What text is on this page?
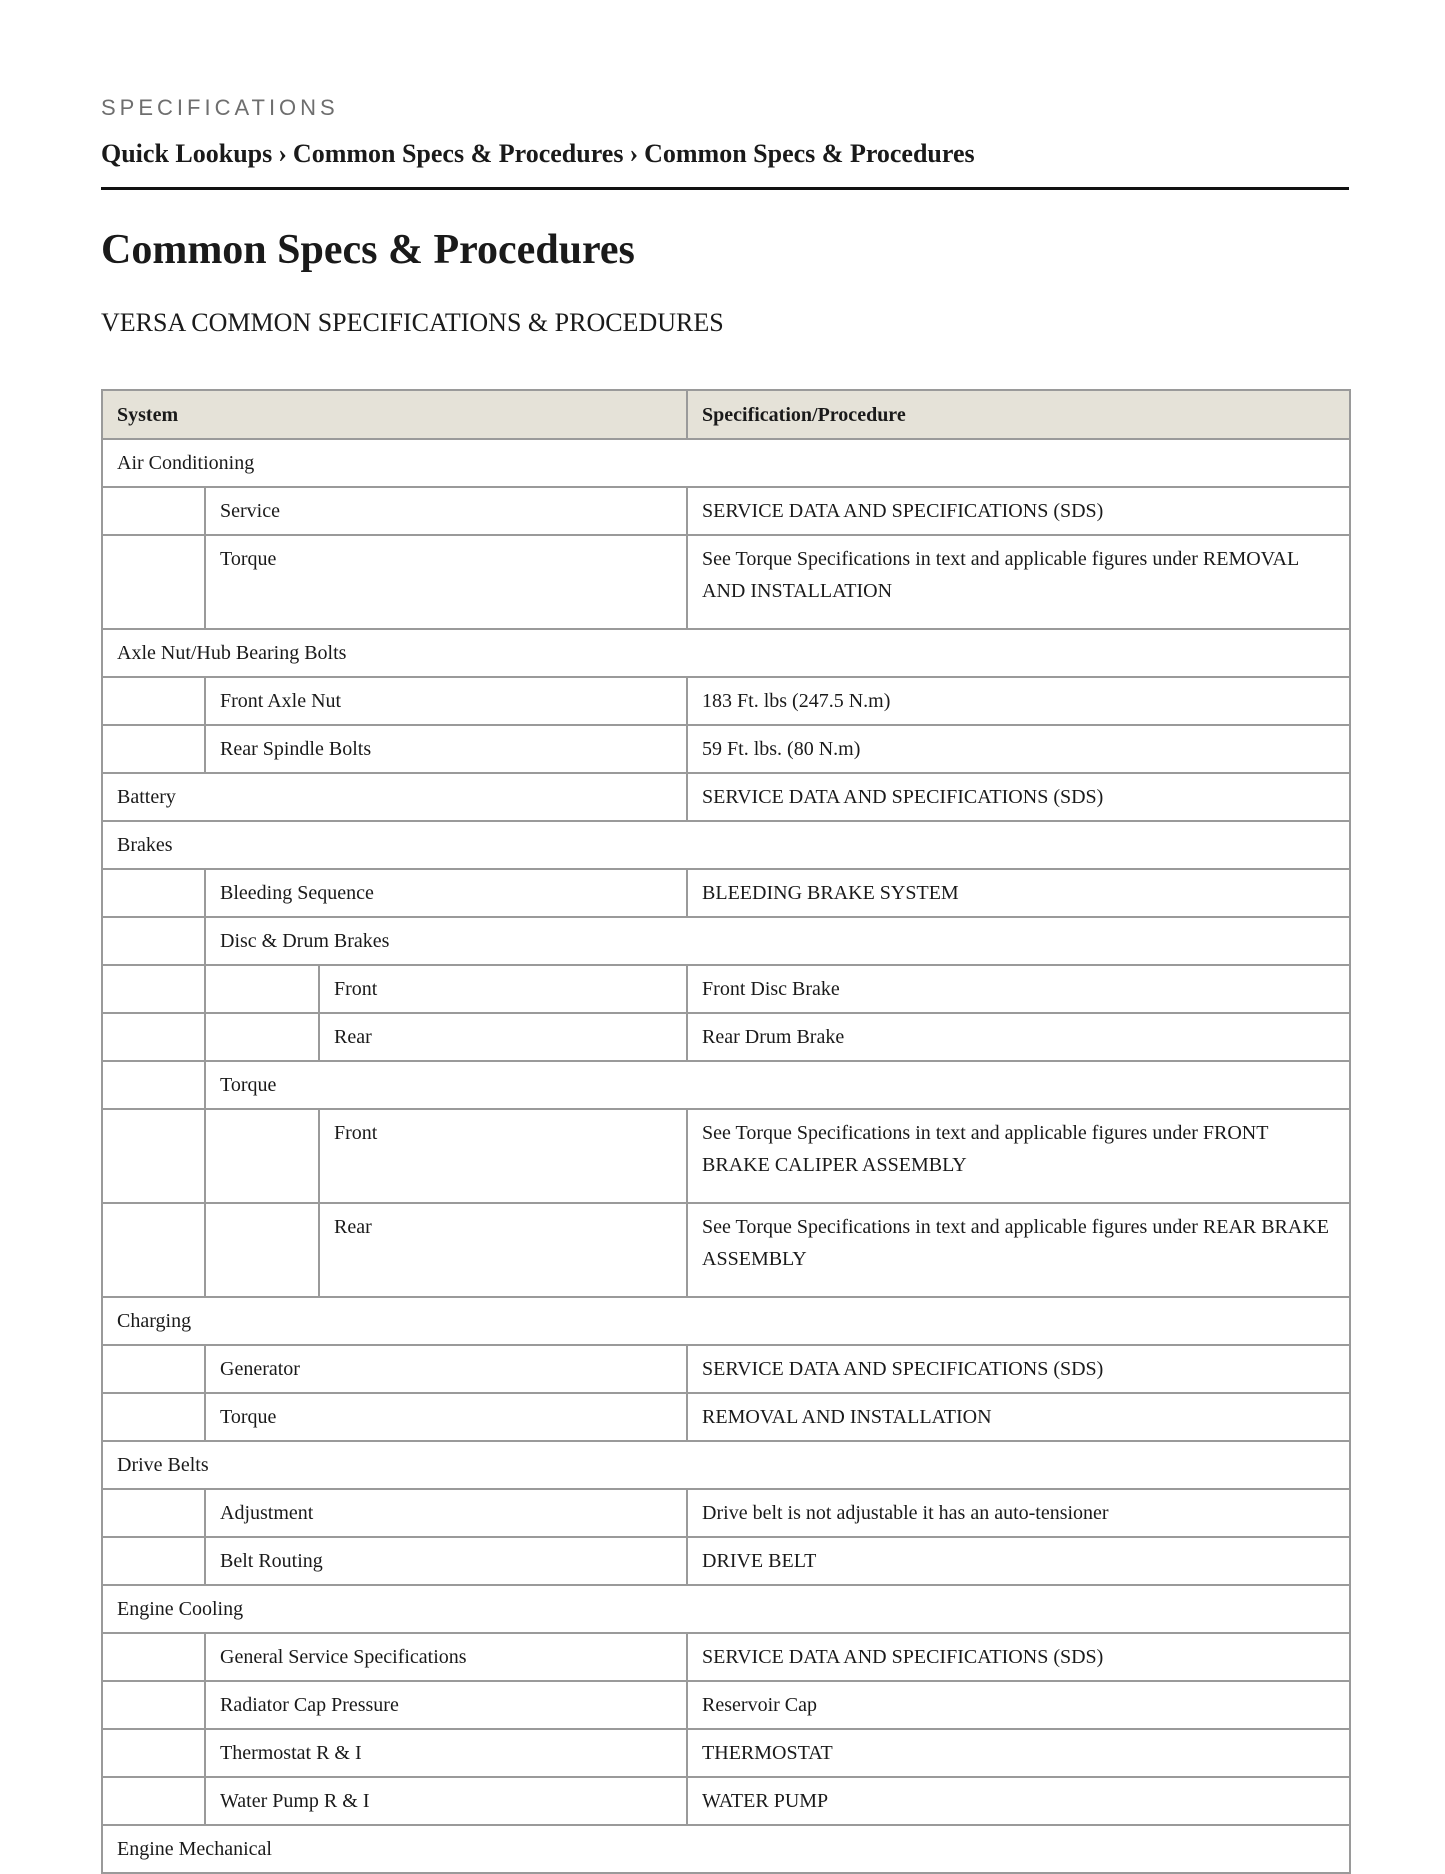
SPECIFICATIONS
Quick Lookups › Common Specs & Procedures › Common Specs & Procedures
Common Specs & Procedures
VERSA COMMON SPECIFICATIONS & PROCEDURES
System			Specification/Procedure
Air Conditioning			
	Service		SERVICE DATA AND SPECIFICATIONS (SDS)
	Torque		See Torque Specifications in text and applicable figures under REMOVAL AND INSTALLATION
Axle Nut/Hub Bearing Bolts			
	Front Axle Nut		183 Ft. lbs (247.5 N.m)
	Rear Spindle Bolts		59 Ft. lbs. (80 N.m)
Battery			SERVICE DATA AND SPECIFICATIONS (SDS)
Brakes			
	Bleeding Sequence		BLEEDING BRAKE SYSTEM
	Disc & Drum Brakes		
		Front	Front Disc Brake
		Rear	Rear Drum Brake
	Torque		
		Front	See Torque Specifications in text and applicable figures under FRONT BRAKE CALIPER ASSEMBLY
		Rear	See Torque Specifications in text and applicable figures under REAR BRAKE ASSEMBLY
Charging			
	Generator		SERVICE DATA AND SPECIFICATIONS (SDS)
	Torque		REMOVAL AND INSTALLATION
Drive Belts			
	Adjustment		Drive belt is not adjustable it has an auto-tensioner
	Belt Routing		DRIVE BELT
Engine Cooling			
	General Service Specifications		SERVICE DATA AND SPECIFICATIONS (SDS)
	Radiator Cap Pressure		Reservoir Cap
	Thermostat R & I		THERMOSTAT
	Water Pump R & I		WATER PUMP
Engine Mechanical			
